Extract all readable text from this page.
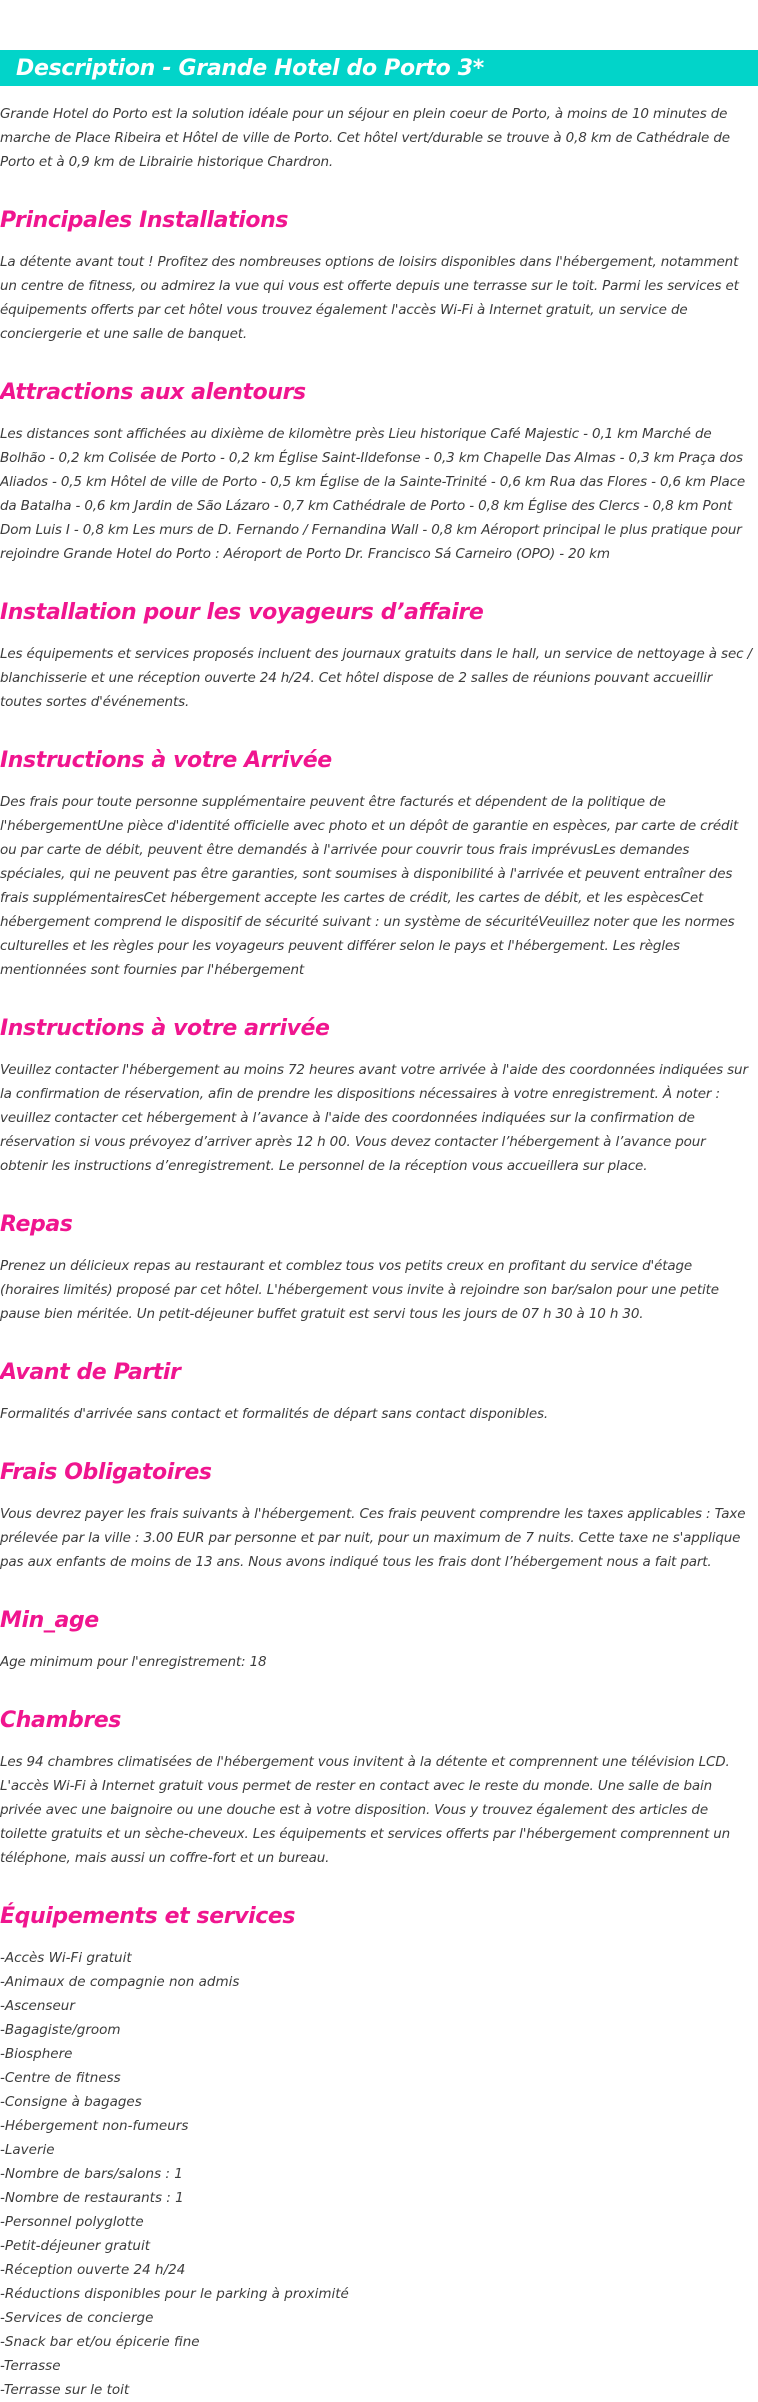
Description - Grande Hotel do Porto 3*

Grande Hotel do Porto est la solution idéale pour un séjour en plein coeur de Porto, à moins de 10 minutes de marche de Place Ribeira et Hôtel de ville de Porto. Cet hôtel vert/durable se trouve à 0,8 km de Cathédrale de Porto et à 0,9 km de Librairie historique Chardron.

Principales Installations

La détente avant tout ! Profitez des nombreuses options de loisirs disponibles dans l'hébergement, notamment un centre de fitness, ou admirez la vue qui vous est offerte depuis une terrasse sur le toit. Parmi les services et équipements offerts par cet hôtel vous trouvez également l'accès Wi-Fi à Internet gratuit, un service de conciergerie et une salle de banquet.

Attractions aux alentours

Les distances sont affichées au dixième de kilomètre près Lieu historique Café Majestic - 0,1 km Marché de Bolhão - 0,2 km Colisée de Porto - 0,2 km Église Saint-Ildefonse - 0,3 km Chapelle Das Almas - 0,3 km Praça dos Aliados - 0,5 km Hôtel de ville de Porto - 0,5 km Église de la Sainte-Trinité - 0,6 km Rua das Flores - 0,6 km Place da Batalha - 0,6 km Jardin de São Lázaro - 0,7 km Cathédrale de Porto - 0,8 km Église des Clercs - 0,8 km Pont Dom Luis I - 0,8 km Les murs de D. Fernando / Fernandina Wall - 0,8 km Aéroport principal le plus pratique pour rejoindre Grande Hotel do Porto : Aéroport de Porto Dr. Francisco Sá Carneiro (OPO) - 20 km

Installation pour les voyageurs d’affaire

Les équipements et services proposés incluent des journaux gratuits dans le hall, un service de nettoyage à sec / blanchisserie et une réception ouverte 24 h/24. Cet hôtel dispose de 2 salles de réunions pouvant accueillir toutes sortes d'événements.

Instructions à votre Arrivée

Des frais pour toute personne supplémentaire peuvent être facturés et dépendent de la politique de l'hébergementUne pièce d'identité officielle avec photo et un dépôt de garantie en espèces, par carte de crédit ou par carte de débit, peuvent être demandés à l'arrivée pour couvrir tous frais imprévusLes demandes spéciales, qui ne peuvent pas être garanties, sont soumises à disponibilité à l'arrivée et peuvent entraîner des frais supplémentairesCet hébergement accepte les cartes de crédit, les cartes de débit, et les espècesCet hébergement comprend le dispositif de sécurité suivant : un système de sécuritéVeuillez noter que les normes culturelles et les règles pour les voyageurs peuvent différer selon le pays et l'hébergement. Les règles mentionnées sont fournies par l'hébergement

Instructions à votre arrivée

Veuillez contacter l'hébergement au moins 72 heures avant votre arrivée à l'aide des coordonnées indiquées sur la confirmation de réservation, afin de prendre les dispositions nécessaires à votre enregistrement. À noter : veuillez contacter cet hébergement à l’avance à l'aide des coordonnées indiquées sur la confirmation de réservation si vous prévoyez d’arriver après 12 h 00. Vous devez contacter l’hébergement à l’avance pour obtenir les instructions d’enregistrement. Le personnel de la réception vous accueillera sur place.

Repas

Prenez un délicieux repas au restaurant et comblez tous vos petits creux en profitant du service d'étage (horaires limités) proposé par cet hôtel. L'hébergement vous invite à rejoindre son bar/salon pour une petite pause bien méritée. Un petit-déjeuner buffet gratuit est servi tous les jours de 07 h 30 à 10 h 30.

Avant de Partir

Formalités d'arrivée sans contact et formalités de départ sans contact disponibles.

Frais Obligatoires

Vous devrez payer les frais suivants à l'hébergement. Ces frais peuvent comprendre les taxes applicables : Taxe prélevée par la ville : 3.00 EUR par personne et par nuit, pour un maximum de 7 nuits. Cette taxe ne s'applique pas aux enfants de moins de 13 ans. Nous avons indiqué tous les frais dont l’hébergement nous a fait part.

Min_age

Age minimum pour l'enregistrement: 18

Chambres

Les 94 chambres climatisées de l'hébergement vous invitent à la détente et comprennent une télévision LCD. L'accès Wi-Fi à Internet gratuit vous permet de rester en contact avec le reste du monde. Une salle de bain privée avec une baignoire ou une douche est à votre disposition. Vous y trouvez également des articles de toilette gratuits et un sèche-cheveux. Les équipements et services offerts par l'hébergement comprennent un téléphone, mais aussi un coffre-fort et un bureau.

Équipements et services
-Accès Wi-Fi gratuit
-Animaux de compagnie non admis
-Ascenseur
-Bagagiste/groom
-Biosphere
-Centre de fitness
-Consigne à bagages
-Hébergement non-fumeurs
-Laverie
-Nombre de bars/salons : 1
-Nombre de restaurants : 1
-Personnel polyglotte
-Petit-déjeuner gratuit
-Réception ouverte 24 h/24
-Réductions disponibles pour le parking à proximité
-Services de concierge
-Snack bar et/ou épicerie fine
-Terrasse
-Terrasse sur le toit
